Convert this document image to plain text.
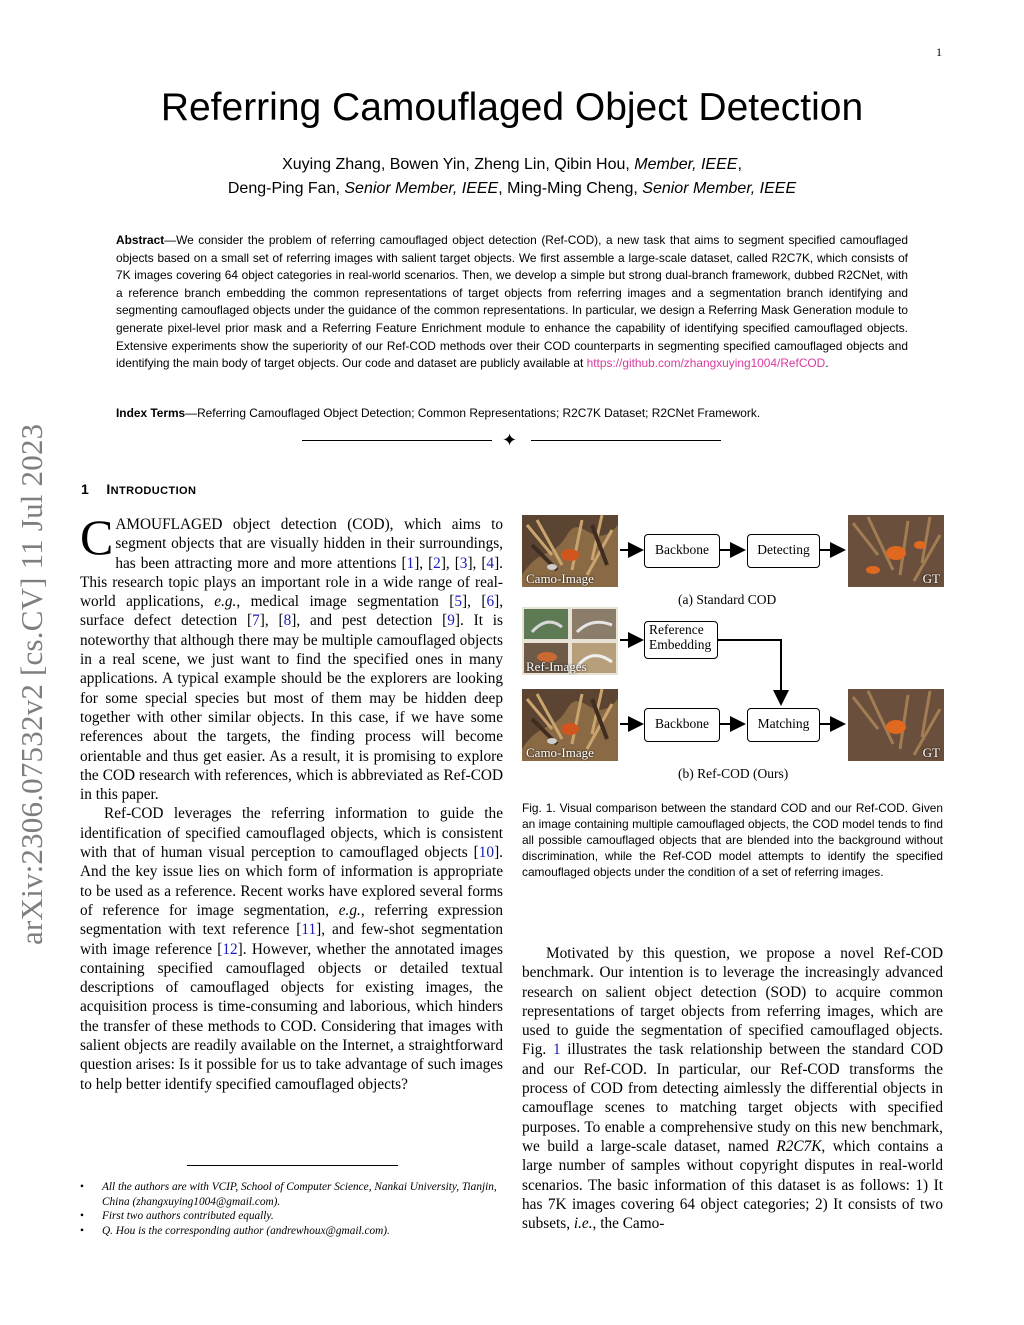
1
Referring Camouflaged Object Detection
Xuying Zhang, Bowen Yin, Zheng Lin, Qibin Hou, Member, IEEE,
Deng-Ping Fan, Senior Member, IEEE, Ming-Ming Cheng, Senior Member, IEEE
Abstract—We consider the problem of referring camouflaged object detection (Ref-COD), a new task that aims to segment specified camouflaged objects based on a small set of referring images with salient target objects. We first assemble a large-scale dataset, called R2C7K, which consists of 7K images covering 64 object categories in real-world scenarios. Then, we develop a simple but strong dual-branch framework, dubbed R2CNet, with a reference branch embedding the common representations of target objects from referring images and a segmentation branch identifying and segmenting camouflaged objects under the guidance of the common representations. In particular, we design a Referring Mask Generation module to generate pixel-level prior mask and a Referring Feature Enrichment module to enhance the capability of identifying specified camouflaged objects. Extensive experiments show the superiority of our Ref-COD methods over their COD counterparts in segmenting specified camouflaged objects and identifying the main body of target objects. Our code and dataset are publicly available at https://github.com/zhangxuying1004/RefCOD.
Index Terms—Referring Camouflaged Object Detection; Common Representations; R2C7K Dataset; R2CNet Framework.
✦
arXiv:2306.07532v2 [cs.CV] 11 Jul 2023 1 INTRODUCTION

CAMOUFLAGED object detection (COD), which aims to segment objects that are visually hidden in their surroundings, has been attracting more and more attentions [1], [2], [3], [4]. This research topic plays an important role in a wide range of real-world applications, e.g., medical image segmentation [5], [6], surface defect detection [7], [8], and pest detection [9]. It is noteworthy that although there may be multiple camouflaged objects in a real scene, we just want to find the specified ones in many applications. A typical example should be the explorers are looking for some special species but most of them may be hidden deep together with other similar objects. In this case, if we have some references about the targets, the finding process will become orientable and thus get easier. As a result, it is promising to explore the COD research with references, which is abbreviated as Ref-COD in this paper.

Ref-COD leverages the referring information to guide the identification of specified camouflaged objects, which is consistent with that of human visual perception to camouflaged objects [10]. And the key issue lies on which form of information is appropriate to be used as a reference. Recent works have explored several forms of reference for image segmentation, e.g., referring expression segmentation with text reference [11], and few-shot segmentation with image reference [12]. However, whether the annotated images containing specified camouflaged objects or detailed textual descriptions of camouflaged objects for existing images, the acquisition process is time-consuming and laborious, which hinders the transfer of these methods to COD. Considering that images with salient objects are readily available on the Internet, a straightforward question arises: Is it possible for us to take advantage of such images to help better identify specified camouflaged objects?

• All the authors are with VCIP, School of Computer Science, Nankai University, Tianjin, China (zhangxuying1004@gmail.com).
• First two authors contributed equally.
• Q. Hou is the corresponding author (andrewhoux@gmail.com).
Camo-Image
Backbone	Detecting
GT
(a) Standard COD
Ref-Images
Reference
Embedding
Camo-Image
Backbone	Matching
GT
(b) Ref-COD (Ours)
Fig. 1. Visual comparison between the standard COD and our Ref-COD. Given an image containing multiple camouflaged objects, the COD model tends to find all possible camouflaged objects that are blended into the background without discrimination, while the Ref-COD model attempts to identify the specified camouflaged objects under the condition of a set of referring images.

Motivated by this question, we propose a novel Ref-COD benchmark. Our intention is to leverage the increasingly advanced research on salient object detection (SOD) to acquire common representations of target objects from referring images, which are used to guide the segmentation of specified camouflaged objects. Fig. 1 illustrates the task relationship between the standard COD and our Ref-COD. In particular, our Ref-COD transforms the process of COD from detecting aimlessly the differential objects in camouflage scenes to matching target objects with specified purposes. To enable a comprehensive study on this new benchmark, we build a large-scale dataset, named R2C7K, which contains a large number of samples without copyright disputes in real-world scenarios. The basic information of this dataset is as follows: 1) It has 7K images covering 64 object categories; 2) It consists of two subsets, i.e., the Camo-
